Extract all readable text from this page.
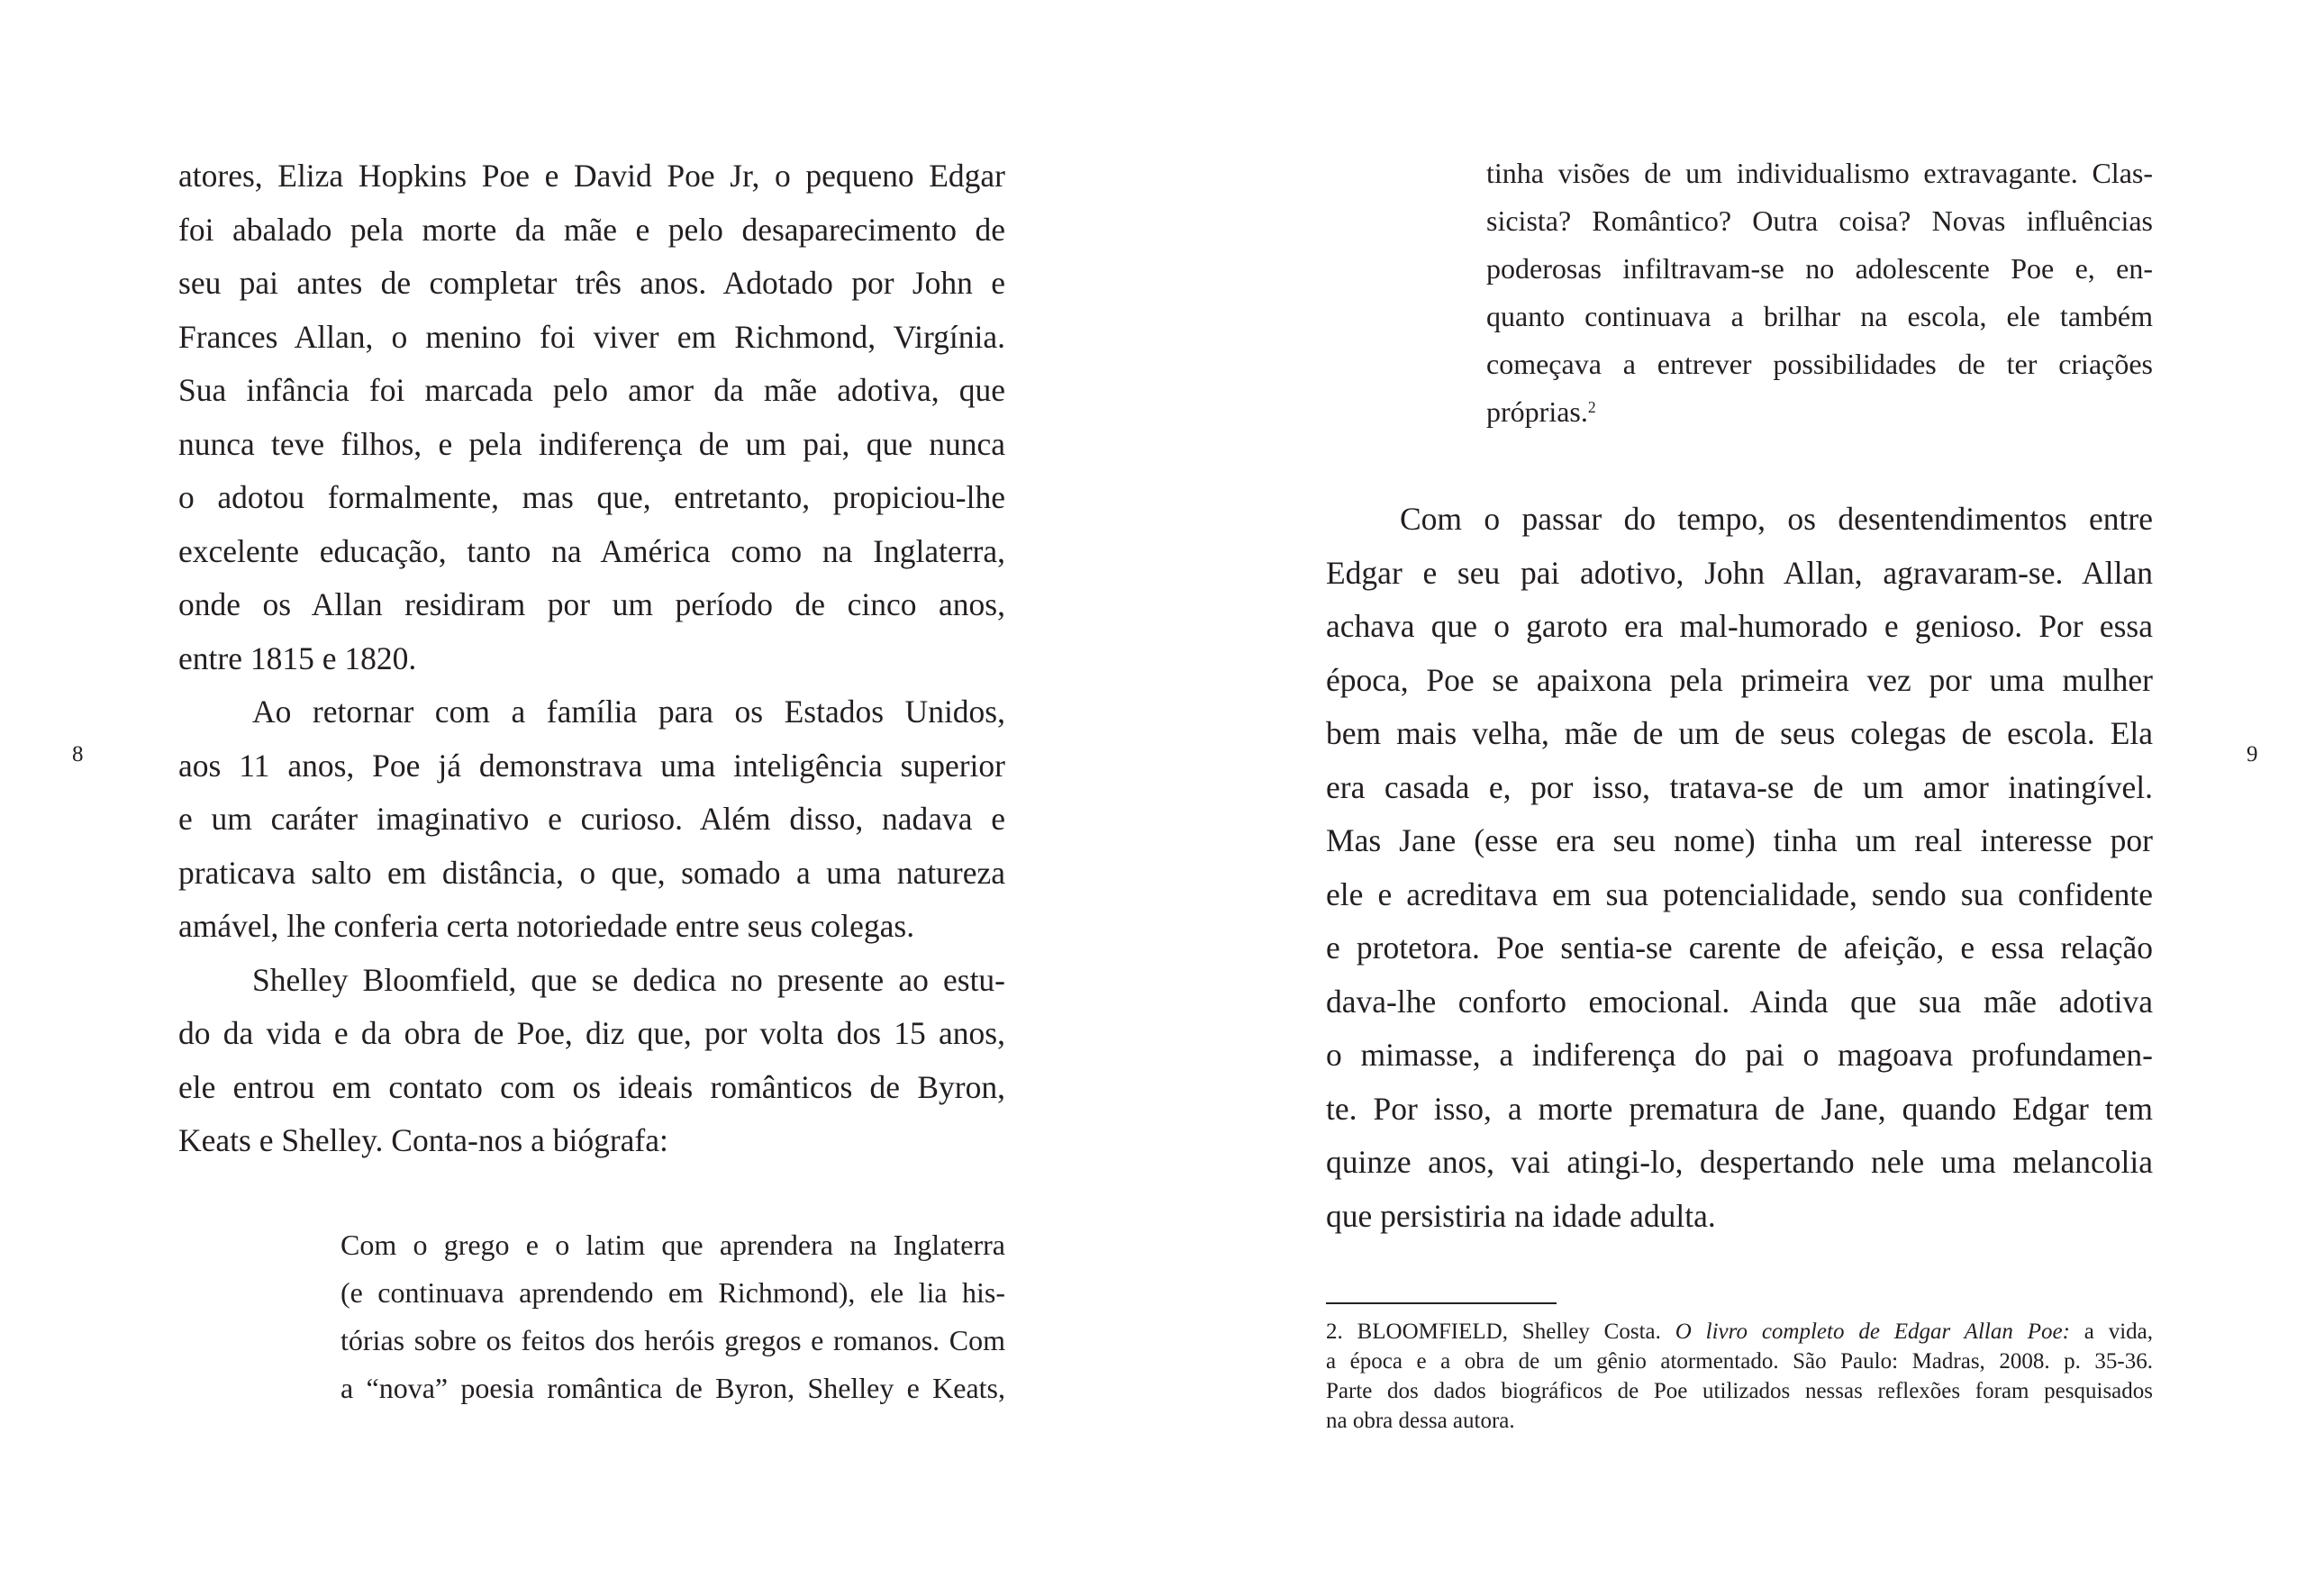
8
atores, Eliza Hopkins Poe e David Poe Jr, o pequeno Edgar
foi abalado pela morte da mãe e pelo desaparecimento de
seu pai antes de completar três anos. Adotado por John e
Frances Allan, o menino foi viver em Richmond, Virgínia.
Sua infância foi marcada pelo amor da mãe adotiva, que
nunca teve filhos, e pela indiferença de um pai, que nunca
o adotou formalmente, mas que, entretanto, propiciou-lhe
excelente educação, tanto na América como na Inglaterra,
onde os Allan residiram por um período de cinco anos,
entre 1815 e 1820.
Ao retornar com a família para os Estados Unidos,
aos 11 anos, Poe já demonstrava uma inteligência superior
e um caráter imaginativo e curioso. Além disso, nadava e
praticava salto em distância, o que, somado a uma natureza
amável, lhe conferia certa notoriedade entre seus colegas.
Shelley Bloomfield, que se dedica no presente ao estu-
do da vida e da obra de Poe, diz que, por volta dos 15 anos,
ele entrou em contato com os ideais românticos de Byron,
Keats e Shelley. Conta-nos a biógrafa:
Com o grego e o latim que aprendera na Inglaterra
(e continuava aprendendo em Richmond), ele lia his-
tórias sobre os feitos dos heróis gregos e romanos. Com
a “nova” poesia romântica de Byron, Shelley e Keats,
9
tinha visões de um individualismo extravagante. Clas-
sicista? Romântico? Outra coisa? Novas influências
poderosas infiltravam-se no adolescente Poe e, en-
quanto continuava a brilhar na escola, ele também
começava a entrever possibilidades de ter criações
próprias.$^2$
Com o passar do tempo, os desentendimentos entre
Edgar e seu pai adotivo, John Allan, agravaram-se. Allan
achava que o garoto era mal-humorado e genioso. Por essa
época, Poe se apaixona pela primeira vez por uma mulher
bem mais velha, mãe de um de seus colegas de escola. Ela
era casada e, por isso, tratava-se de um amor inatingível.
Mas Jane (esse era seu nome) tinha um real interesse por
ele e acreditava em sua potencialidade, sendo sua confidente
e protetora. Poe sentia-se carente de afeição, e essa relação
dava-lhe conforto emocional. Ainda que sua mãe adotiva
o mimasse, a indiferença do pai o magoava profundamen-
te. Por isso, a morte prematura de Jane, quando Edgar tem
quinze anos, vai atingi-lo, despertando nele uma melancolia
que persistiria na idade adulta.
2. BLOOMFIELD, Shelley Costa. O livro completo de Edgar Allan Poe: a vida,
a época e a obra de um gênio atormentado. São Paulo: Madras, 2008. p. 35-36.
Parte dos dados biográficos de Poe utilizados nessas reflexões foram pesquisados
na obra dessa autora.
